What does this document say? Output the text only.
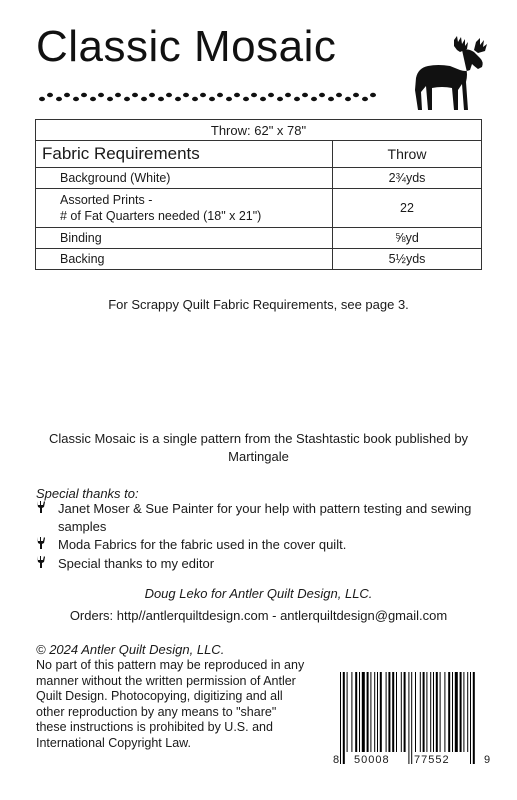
Classic Mosaic
Throw: 62" x 78"	
Fabric Requirements	Throw
Background (White)	2¾yds

Assorted Prints -
# of Fat Quarters needed (18" x 21")	22
Binding	⅝yd
Backing	5½yds
For Scrappy Quilt Fabric Requirements, see page 3.
Classic Mosaic is a single pattern from the Stashtastic book published by Martingale
Special thanks to:
Janet Moser & Sue Painter for your help with pattern testing and sewing samples
Moda Fabrics for the fabric used in the cover quilt.
Special thanks to my editor
Doug Leko for Antler Quilt Design, LLC.
Orders: http//antlerquiltdesign.com - antlerquiltdesign@gmail.com
© 2024 Antler Quilt Design, LLC.
No part of this pattern may be reproduced in any manner without the written permission of Antler Quilt Design. Photocopying, digitizing and all other reproduction by any means to "share" these instructions is prohibited by U.S. and International Copyright Law.
8 50008 77552	9
